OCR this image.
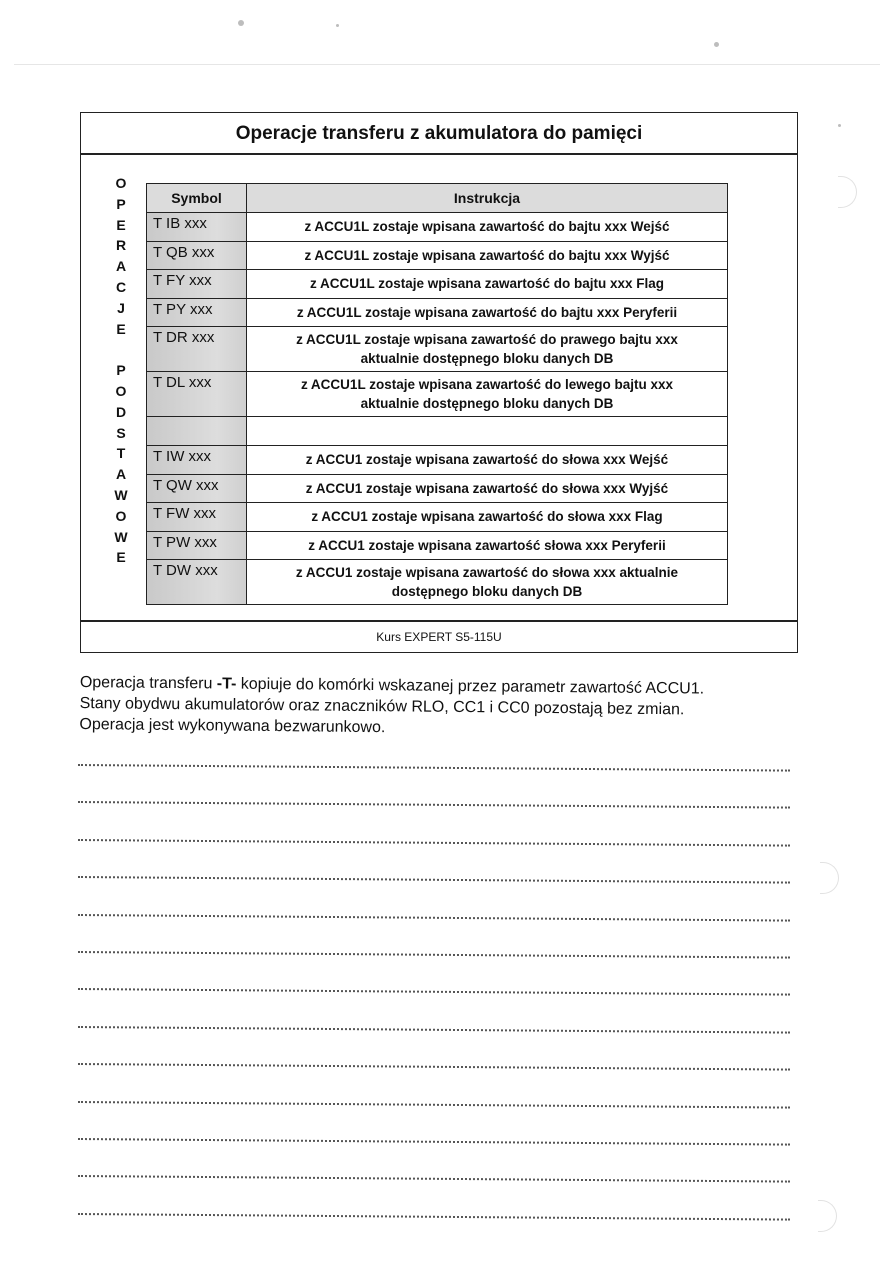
Operacje transferu z akumulatora do pamięci
O
P
E
R
A
C
J
E

P
O
D
S
T
A
W
O
W
E
Symbol	Instrukcja
T IB xxx	z ACCU1L zostaje wpisana zawartość do bajtu xxx Wejść

T QB xxx	z ACCU1L zostaje wpisana zawartość do bajtu xxx Wyjść

T FY xxx	z ACCU1L zostaje wpisana zawartość do bajtu xxx Flag

T PY xxx	z ACCU1L zostaje wpisana zawartość do bajtu xxx Peryferii

T DR xxx	z ACCU1L zostaje wpisana zawartość do prawego bajtu xxx
aktualnie dostępnego bloku danych DB

T DL xxx	z ACCU1L zostaje wpisana zawartość do lewego bajtu xxx
aktualnie dostępnego bloku danych DB

T IW xxx	z ACCU1 zostaje wpisana zawartość do słowa xxx Wejść

T QW xxx	z ACCU1 zostaje wpisana zawartość do słowa xxx Wyjść

T FW xxx	z ACCU1 zostaje wpisana zawartość do słowa xxx Flag

T PW xxx	z ACCU1 zostaje wpisana zawartość słowa xxx Peryferii

T DW xxx	z ACCU1 zostaje wpisana zawartość do słowa xxx aktualnie
dostępnego bloku danych DB
Kurs EXPERT S5-115U

Operacja transferu -T- kopiuje do komórki wskazanej przez parametr zawartość ACCU1.

Stany obydwu akumulatorów oraz znaczników RLO, CC1 i CC0 pozostają bez zmian.

Operacja jest wykonywana bezwarunkowo.
